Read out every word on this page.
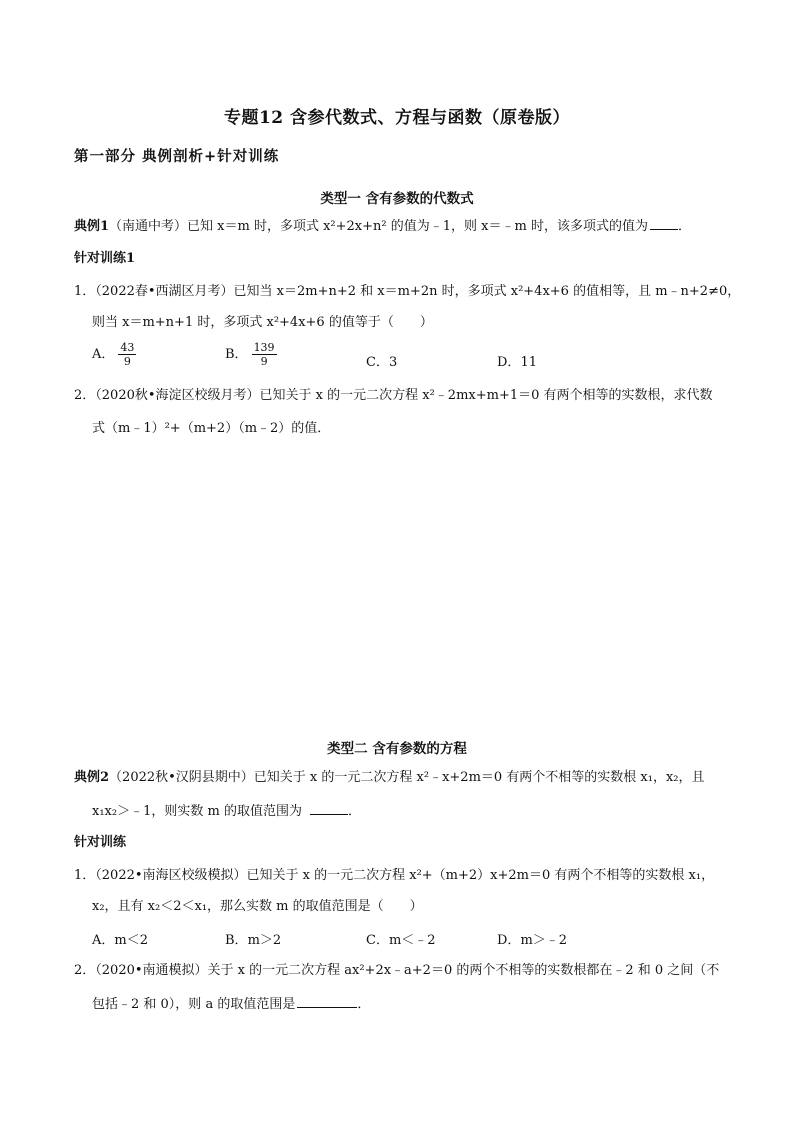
专题12 含参代数式、方程与函数（原卷版）
第一部分 典例剖析+针对训练
类型一 含有参数的代数式
典例1（南通中考）已知 x＝m 时，多项式 x²+2x+n² 的值为﹣1，则 x＝﹣m 时，该多项式的值为 ．
针对训练1
1．（2022春•西湖区月考）已知当 x＝2m+n+2 和 x＝m+2n 时，多项式 x²+4x+6 的值相等，且 m﹣n+2≠0，
则当 x＝m+n+1 时，多项式 x²+4x+6 的值等于（　　）
A． $\frac{43}{9}$	B． $\frac{139}{9}$	C．3	D．11
2．（2020秋•海淀区校级月考）已知关于 x 的一元二次方程 x²﹣2mx+m+1＝0 有两个相等的实数根，求代数
式（m﹣1）²+（m+2）（m﹣2）的值．
类型二 含有参数的方程
典例2（2022秋•汉阴县期中）已知关于 x 的一元二次方程 x²﹣x+2m＝0 有两个不相等的实数根 x₁，x₂，且
x₁x₂＞﹣1，则实数 m 的取值范围为	．
针对训练
1．（2022•南海区校级模拟）已知关于 x 的一元二次方程 x²+（m+2）x+2m＝0 有两个不相等的实数根 x₁，
x₂，且有 x₂＜2＜x₁，那么实数 m 的取值范围是（　　）
A．m＜2	B．m＞2	C．m＜﹣2	D．m＞﹣2
2．（2020•南通模拟）关于 x 的一元二次方程 ax²+2x﹣a+2＝0 的两个不相等的实数根都在﹣2 和 0 之间（不
包括﹣2 和 0），则 a 的取值范围是	．
